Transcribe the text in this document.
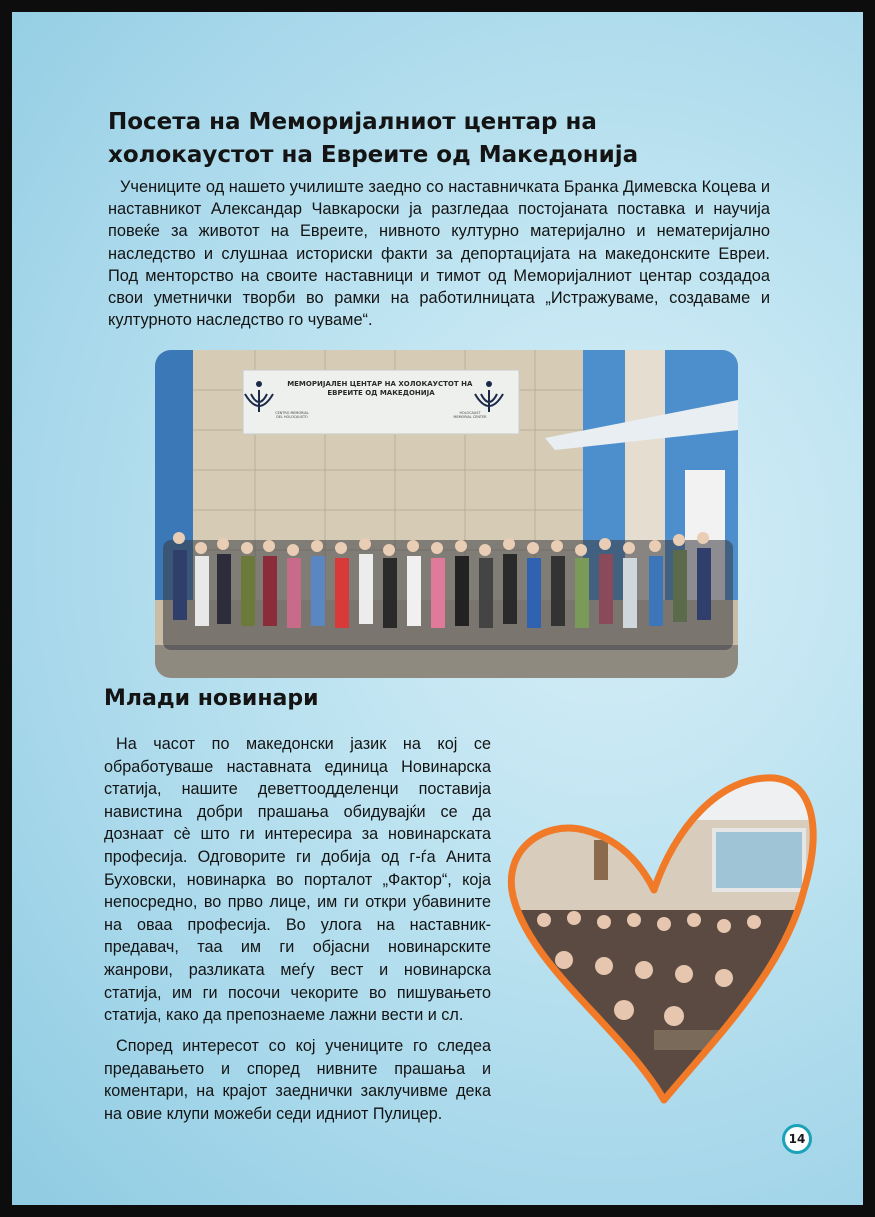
Посета на Меморијалниот центар на холокаустот на Евреите од Македонија

Учениците од нашето училиште заедно со наставничката Бранка Димевска Коцева и наставникот Александар Чавкароски ја разгледаа постојаната поставка и научија повеќе за животот на Евреите, нивното културно материјално и нематеријално наследство и слушнаа историски факти за депортацијата на македонските Евреи. Под менторство на своите наставници и тимот од Меморијалниот центар создадоа свои уметнички творби во рамки на работилницата „Истражуваме, создаваме и културното наследство го чуваме“.

МЕМОРИЈАЛЕН ЦЕНТАР НА ХОЛОКАУСТОТ НА ЕВРЕИТЕ ОД МАКЕДОНИЈА
CENTRO MEMORIAL
DEL HOLOCAUSTO
HOLOCAUST
MEMORIAL CENTER
Млади новинари

На часот по македонски јазик на кој се обработуваше наставната единица Новинарска статија, нашите деветтоодделенци поставија навистина добри прашања обидувајќи се да дознаат сè што ги интересира за новинарската професија. Одговорите ги добија од г-ѓа Анита Буховски, новинарка во порталот „Фактор“, која непосредно, во прво лице, им ги откри убавините на оваа професија. Во улога на наставник-предавач, таа им ги објасни новинарските жанрови, разликата меѓу вест и новинарска статија, им ги посочи чекорите во пишувањето статија, како да препознаеме лажни вести и сл.

Според интересот со кој учениците го следеа предавањето и според нивните прашања и коментари, на крајот заеднички заклучивме дека на овие клупи можеби седи идниот Пулицер.

14
